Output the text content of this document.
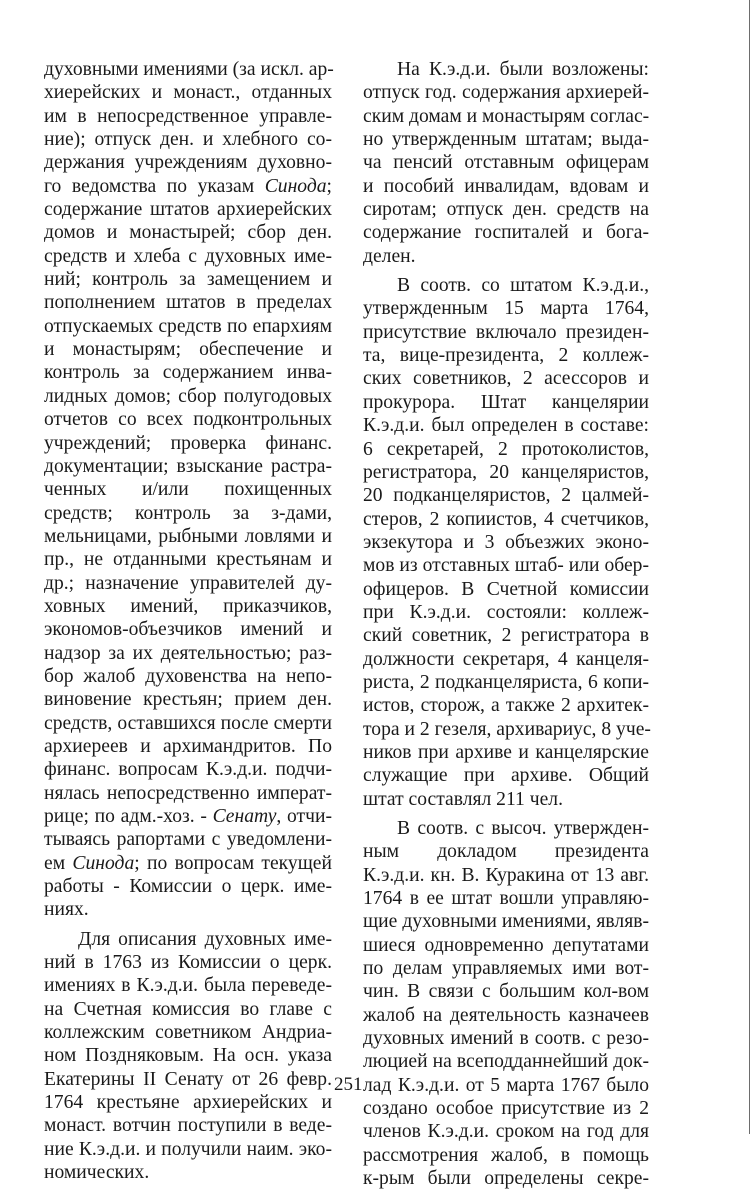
духовными имениями (за искл. ар-
хиерейских и монаст., отданных
им в непосредственное управле-
ние); отпуск ден. и хлебного со-
держания учреждениям духовно-
го ведомства по указам Синода;
содержание штатов архиерейских
домов и монастырей; сбор ден.
средств и хлеба с духовных име-
ний; контроль за замещением и
пополнением штатов в пределах
отпускаемых средств по епархиям
и монастырям; обеспечение и
контроль за содержанием инва-
лидных домов; сбор полугодовых
отчетов со всех подконтрольных
учреждений; проверка финанс.
документации; взыскание растра-
ченных и/или похищенных
средств; контроль за з-дами,
мельницами, рыбными ловлями и
пр., не отданными крестьянам и
др.; назначение управителей ду-
ховных имений, приказчиков,
экономов-объезчиков имений и
надзор за их деятельностью; раз-
бор жалоб духовенства на непо-
виновение крестьян; прием ден.
средств, оставшихся после смерти
архиереев и архимандритов. По
финанс. вопросам К.э.д.и. подчи-
нялась непосредственно императ-
рице; по адм.-хоз. - Сенату, отчи-
тываясь рапортами с уведомлени-
ем Синода; по вопросам текущей
работы - Комиссии о церк. име-
ниях.
Для описания духовных име-
ний в 1763 из Комиссии о церк.
имениях в К.э.д.и. была переведе-
на Счетная комиссия во главе с
коллежским советником Андриа-
ном Поздняковым. На осн. указа
Екатерины II Сенату от 26 февр.
1764 крестьяне архиерейских и
монаст. вотчин поступили в веде-
ние К.э.д.и. и получили наим. эко-
номических.
На К.э.д.и. были возложены:
отпуск год. содержания архиерей-
ским домам и монастырям соглас-
но утвержденным штатам; выда-
ча пенсий отставным офицерам
и пособий инвалидам, вдовам и
сиротам; отпуск ден. средств на
содержание госпиталей и бога-
делен.
В соотв. со штатом К.э.д.и.,
утвержденным 15 марта 1764,
присутствие включало президен-
та, вице-президента, 2 коллеж-
ских советников, 2 асессоров и
прокурора. Штат канцелярии
К.э.д.и. был определен в составе:
6 секретарей, 2 протоколистов,
регистратора, 20 канцеляристов,
20 подканцеляристов, 2 цалмей-
стеров, 2 копиистов, 4 счетчиков,
экзекутора и 3 объезжих эконо-
мов из отставных штаб- или обер-
офицеров. В Счетной комиссии
при К.э.д.и. состояли: коллеж-
ский советник, 2 регистратора в
должности секретаря, 4 канцеля-
риста, 2 подканцеляриста, 6 копи-
истов, сторож, а также 2 архитек-
тора и 2 гезеля, архивариус, 8 уче-
ников при архиве и канцелярские
служащие при архиве. Общий
штат составлял 211 чел.
В соотв. с высоч. утвержден-
ным докладом президента
К.э.д.и. кн. В. Куракина от 13 авг.
1764 в ее штат вошли управляю-
щие духовными имениями, являв-
шиеся одновременно депутатами
по делам управляемых ими вот-
чин. В связи с большим кол-вом
жалоб на деятельность казначеев
духовных имений в соотв. с резо-
люцией на всеподданнейший док-
лад К.э.д.и. от 5 марта 1767 было
создано особое присутствие из 2
членов К.э.д.и. сроком на год для
рассмотрения жалоб, в помощь
к-рым были определены секре-
251
